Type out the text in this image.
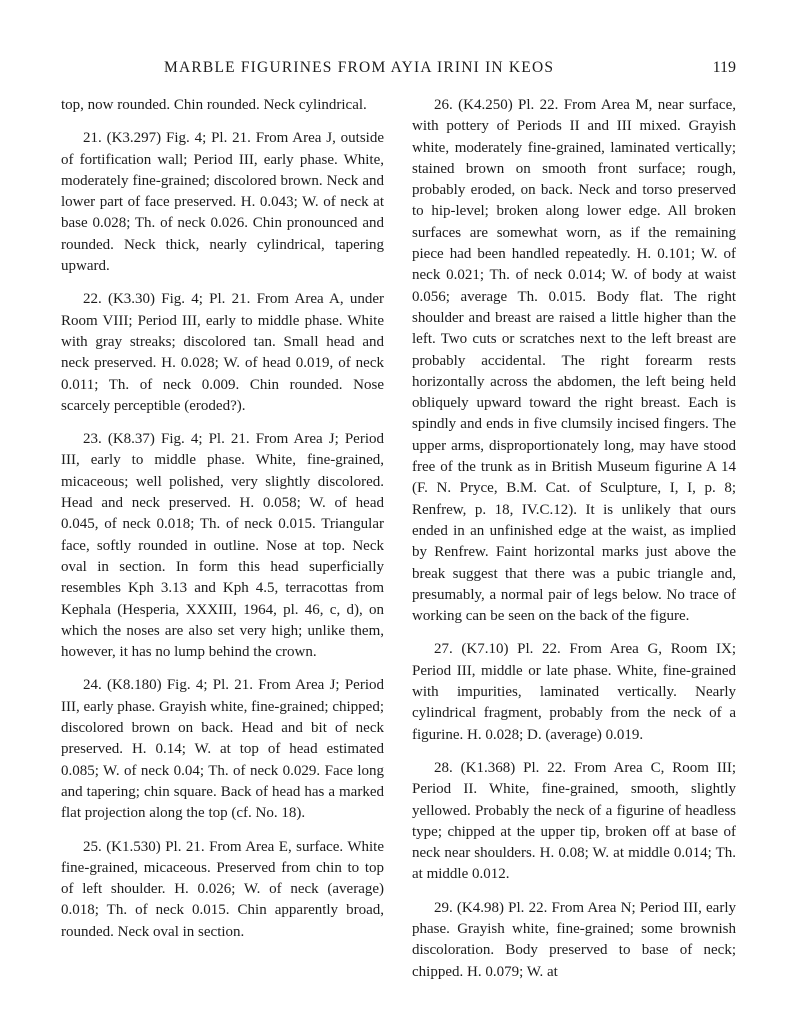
MARBLE FIGURINES FROM AYIA IRINI IN KEOS	119

top, now rounded. Chin rounded. Neck cylindrical.

21. (K3.297) Fig. 4; Pl. 21. From Area J, outside of fortification wall; Period III, early phase. White, moderately fine-grained; discolored brown. Neck and lower part of face preserved. H. 0.043; W. of neck at base 0.028; Th. of neck 0.026. Chin pronounced and rounded. Neck thick, nearly cylindrical, tapering upward.

22. (K3.30) Fig. 4; Pl. 21. From Area A, under Room VIII; Period III, early to middle phase. White with gray streaks; discolored tan. Small head and neck preserved. H. 0.028; W. of head 0.019, of neck 0.011; Th. of neck 0.009. Chin rounded. Nose scarcely perceptible (eroded?).

23. (K8.37) Fig. 4; Pl. 21. From Area J; Period III, early to middle phase. White, fine-grained, micaceous; well polished, very slightly discolored. Head and neck preserved. H. 0.058; W. of head 0.045, of neck 0.018; Th. of neck 0.015. Triangular face, softly rounded in outline. Nose at top. Neck oval in section. In form this head superficially resembles Kph 3.13 and Kph 4.5, terracottas from Kephala (Hesperia, XXXIII, 1964, pl. 46, c, d), on which the noses are also set very high; unlike them, however, it has no lump behind the crown.

24. (K8.180) Fig. 4; Pl. 21. From Area J; Period III, early phase. Grayish white, fine-grained; chipped; discolored brown on back. Head and bit of neck preserved. H. 0.14; W. at top of head estimated 0.085; W. of neck 0.04; Th. of neck 0.029. Face long and tapering; chin square. Back of head has a marked flat projection along the top (cf. No. 18).

25. (K1.530) Pl. 21. From Area E, surface. White fine-grained, micaceous. Preserved from chin to top of left shoulder. H. 0.026; W. of neck (average) 0.018; Th. of neck 0.015. Chin apparently broad, rounded. Neck oval in section.

26. (K4.250) Pl. 22. From Area M, near surface, with pottery of Periods II and III mixed. Grayish white, moderately fine-grained, laminated vertically; stained brown on smooth front surface; rough, probably eroded, on back. Neck and torso preserved to hip-level; broken along lower edge. All broken surfaces are somewhat worn, as if the remaining piece had been handled repeatedly. H. 0.101; W. of neck 0.021; Th. of neck 0.014; W. of body at waist 0.056; average Th. 0.015. Body flat. The right shoulder and breast are raised a little higher than the left. Two cuts or scratches next to the left breast are probably accidental. The right forearm rests horizontally across the abdomen, the left being held obliquely upward toward the right breast. Each is spindly and ends in five clumsily incised fingers. The upper arms, disproportionately long, may have stood free of the trunk as in British Museum figurine A 14 (F. N. Pryce, B.M. Cat. of Sculpture, I, I, p. 8; Renfrew, p. 18, IV.C.12). It is unlikely that ours ended in an unfinished edge at the waist, as implied by Renfrew. Faint horizontal marks just above the break suggest that there was a pubic triangle and, presumably, a normal pair of legs below. No trace of working can be seen on the back of the figure.

27. (K7.10) Pl. 22. From Area G, Room IX; Period III, middle or late phase. White, fine-grained with impurities, laminated vertically. Nearly cylindrical fragment, probably from the neck of a figurine. H. 0.028; D. (average) 0.019.

28. (K1.368) Pl. 22. From Area C, Room III; Period II. White, fine-grained, smooth, slightly yellowed. Probably the neck of a figurine of headless type; chipped at the upper tip, broken off at base of neck near shoulders. H. 0.08; W. at middle 0.014; Th. at middle 0.012.

29. (K4.98) Pl. 22. From Area N; Period III, early phase. Grayish white, fine-grained; some brownish discoloration. Body preserved to base of neck; chipped. H. 0.079; W. at
